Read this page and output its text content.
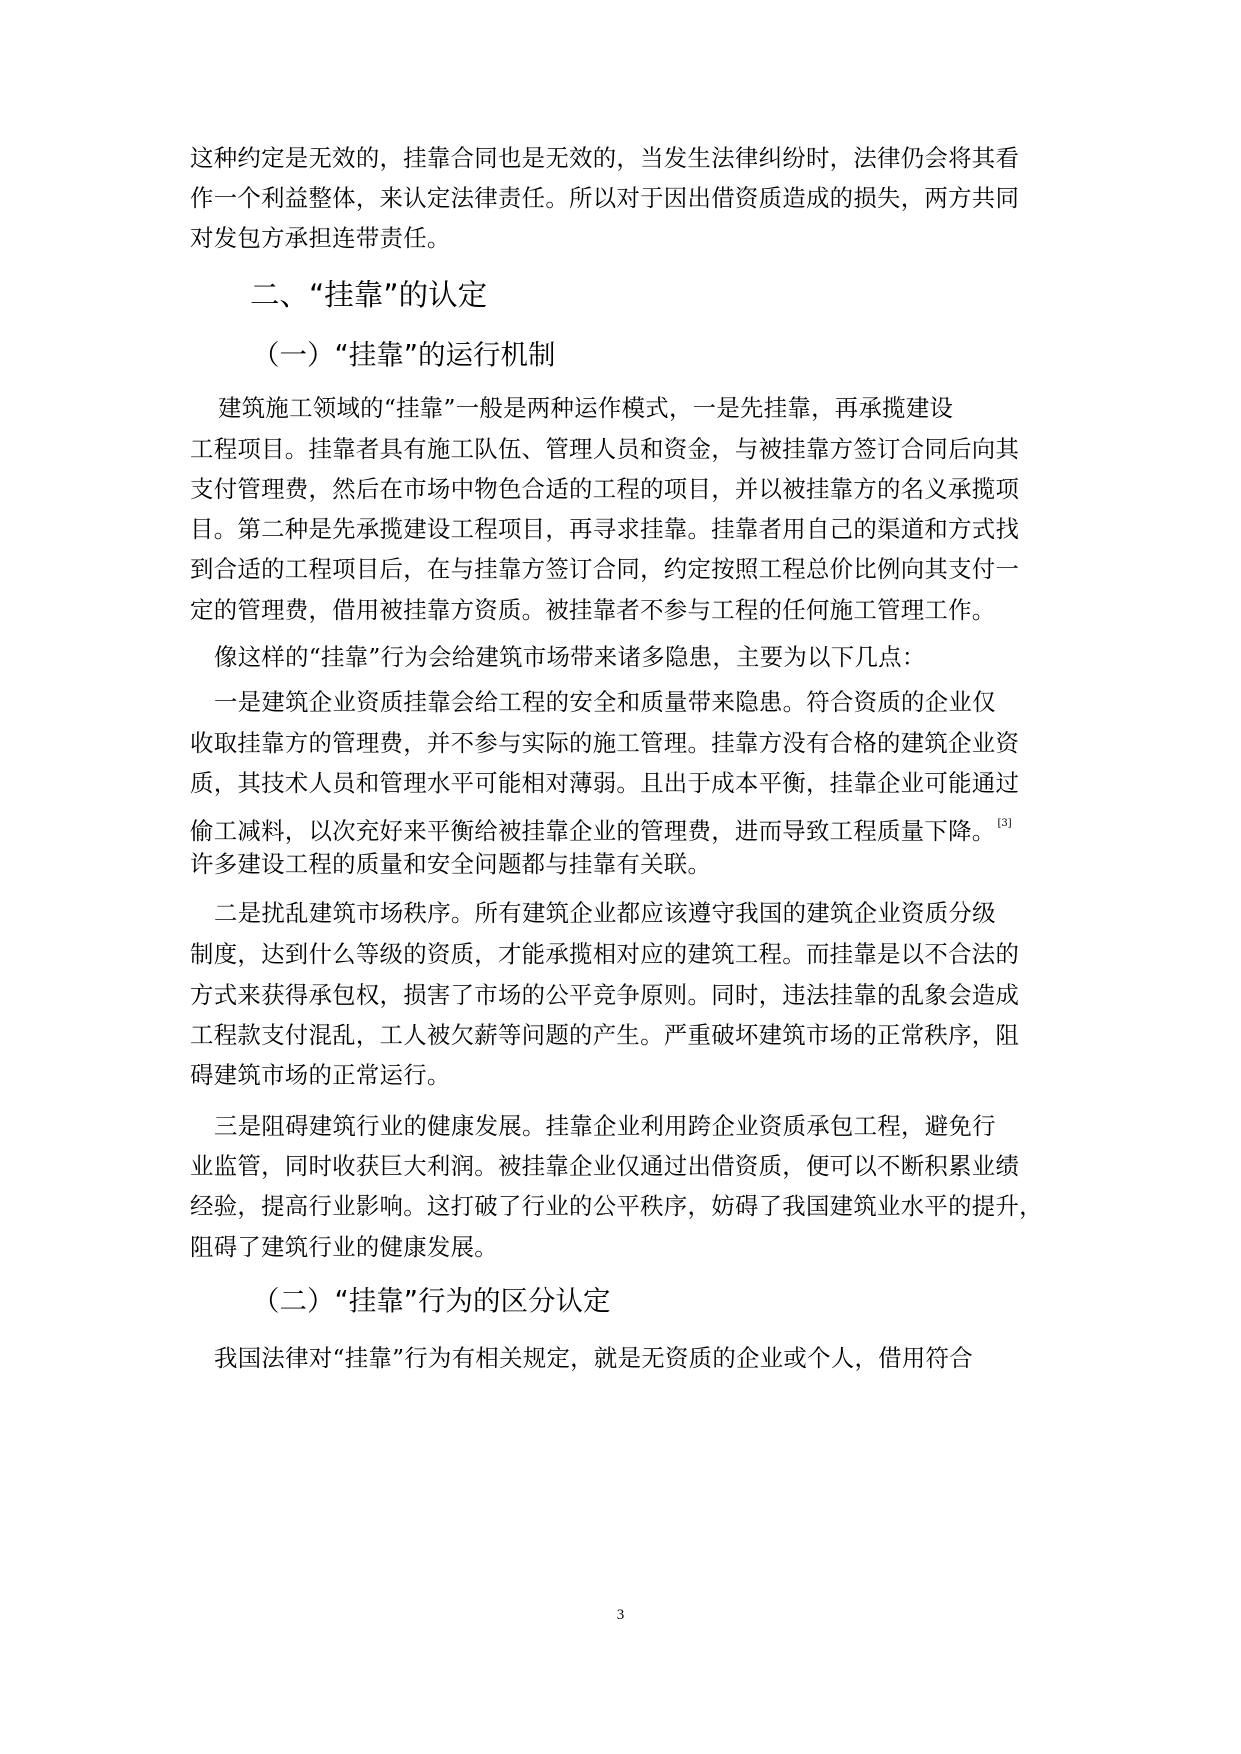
这种约定是无效的，挂靠合同也是无效的，当发生法律纠纷时，法律仍会将其看
作一个利益整体，来认定法律责任。所以对于因出借资质造成的损失，两方共同
对发包方承担连带责任。
二、“挂靠”的认定
（一）“挂靠”的运行机制
建筑施工领域的“挂靠”一般是两种运作模式，一是先挂靠，再承揽建设
工程项目。挂靠者具有施工队伍、管理人员和资金，与被挂靠方签订合同后向其
支付管理费，然后在市场中物色合适的工程的项目，并以被挂靠方的名义承揽项
目。第二种是先承揽建设工程项目，再寻求挂靠。挂靠者用自己的渠道和方式找
到合适的工程项目后，在与挂靠方签订合同，约定按照工程总价比例向其支付一
定的管理费，借用被挂靠方资质。被挂靠者不参与工程的任何施工管理工作。
像这样的“挂靠”行为会给建筑市场带来诸多隐患，主要为以下几点：
一是建筑企业资质挂靠会给工程的安全和质量带来隐患。符合资质的企业仅
收取挂靠方的管理费，并不参与实际的施工管理。挂靠方没有合格的建筑企业资
质，其技术人员和管理水平可能相对薄弱。且出于成本平衡，挂靠企业可能通过
偷工减料，以次充好来平衡给被挂靠企业的管理费，进而导致工程质量下降。 [3]
许多建设工程的质量和安全问题都与挂靠有关联。
二是扰乱建筑市场秩序。所有建筑企业都应该遵守我国的建筑企业资质分级
制度，达到什么等级的资质，才能承揽相对应的建筑工程。而挂靠是以不合法的
方式来获得承包权，损害了市场的公平竞争原则。同时，违法挂靠的乱象会造成
工程款支付混乱，工人被欠薪等问题的产生。严重破坏建筑市场的正常秩序，阻
碍建筑市场的正常运行。
三是阻碍建筑行业的健康发展。挂靠企业利用跨企业资质承包工程，避免行
业监管，同时收获巨大利润。被挂靠企业仅通过出借资质，便可以不断积累业绩
经验，提高行业影响。这打破了行业的公平秩序，妨碍了我国建筑业水平的提升，
阻碍了建筑行业的健康发展。
（二）“挂靠”行为的区分认定
我国法律对“挂靠”行为有相关规定，就是无资质的企业或个人，借用符合
3
